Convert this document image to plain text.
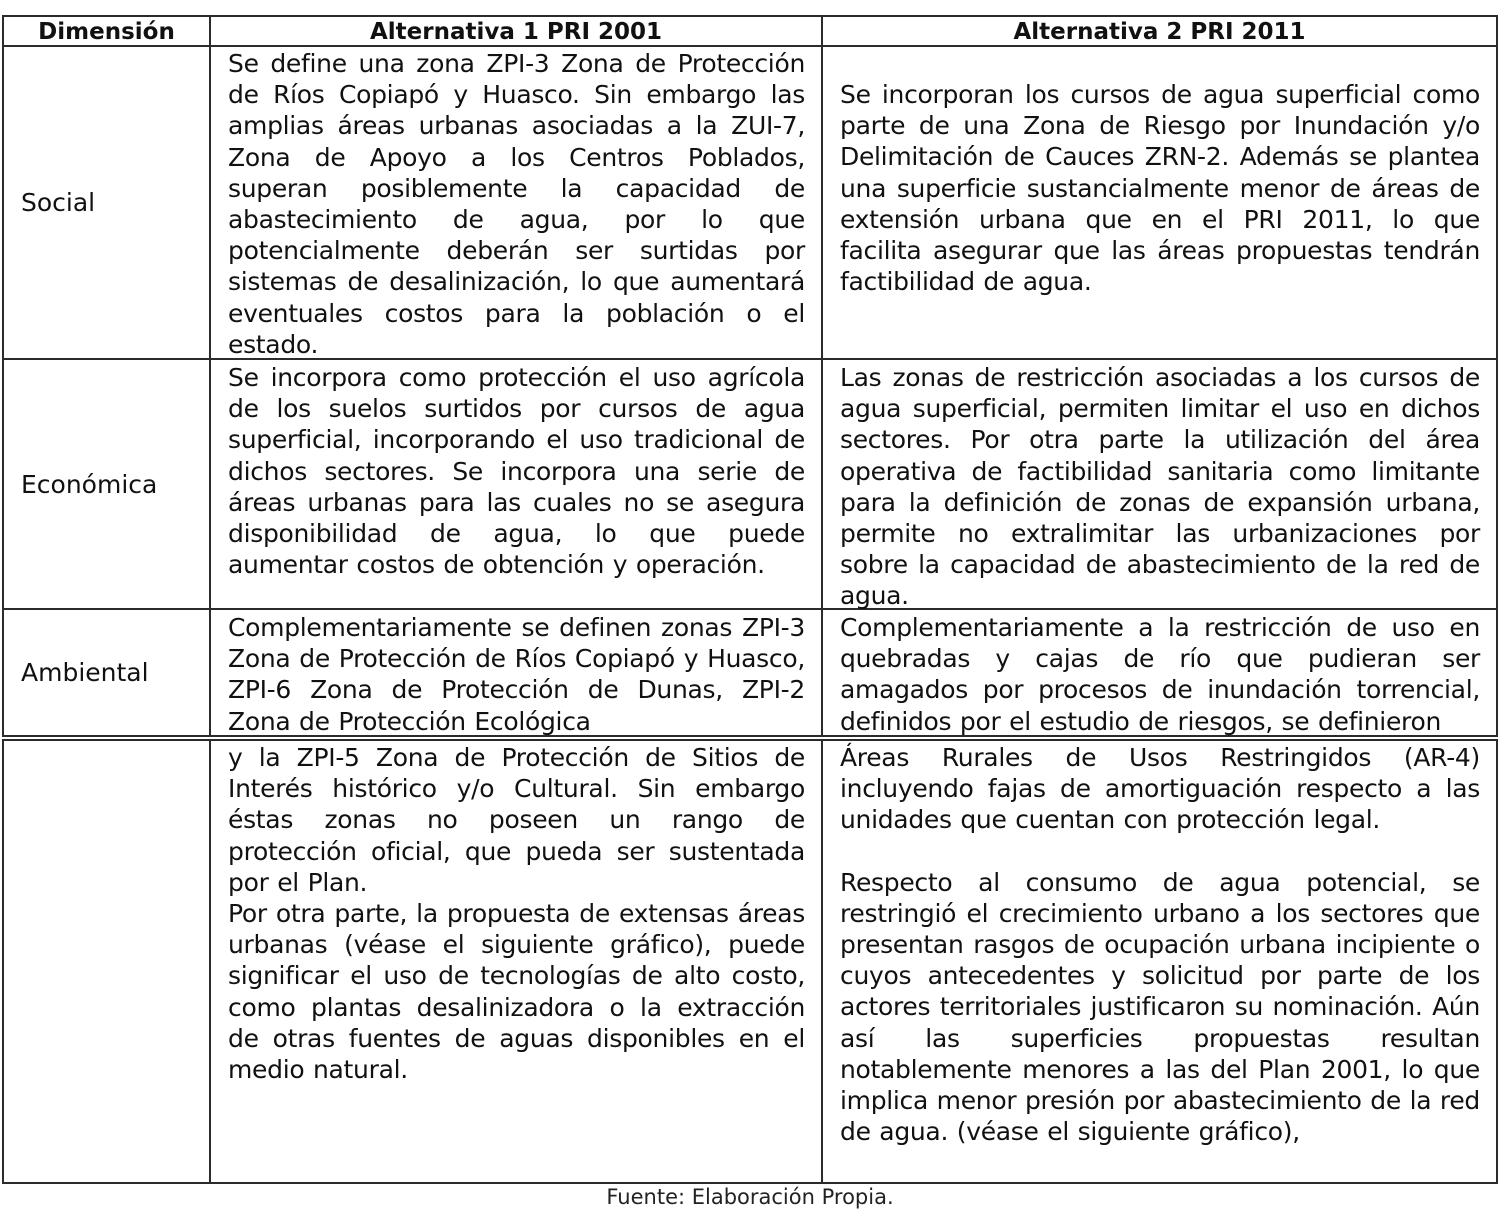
Dimensión	Alternativa 1 PRI 2001	Alternativa 2 PRI 2011
Social

Se define una zona ZPI-3 Zona de Protección de Ríos Copiapó y Huasco. Sin embargo las amplias áreas urbanas asociadas a la ZUI-7, Zona de Apoyo a los Centros Poblados, superan posiblemente la capacidad de abastecimiento de agua, por lo que potencialmente deberán ser surtidas por sistemas de desalinización, lo que aumentará eventuales costos para la población o el estado.

Se incorporan los cursos de agua superficial como parte de una Zona de Riesgo por Inundación y/o Delimitación de Cauces ZRN-2. Además se plantea una superficie sustancialmente menor de áreas de extensión urbana que en el PRI 2011, lo que facilita asegurar que las áreas propuestas tendrán factibilidad de agua.

Económica

Se incorpora como protección el uso agrícola de los suelos surtidos por cursos de agua superficial, incorporando el uso tradicional de dichos sectores. Se incorpora una serie de áreas urbanas para las cuales no se asegura disponibilidad de agua, lo que puede aumentar costos de obtención y operación.

Las zonas de restricción asociadas a los cursos de agua superficial, permiten limitar el uso en dichos sectores. Por otra parte la utilización del área operativa de factibilidad sanitaria como limitante para la definición de zonas de expansión urbana, permite no extralimitar las urbanizaciones por sobre la capacidad de abastecimiento de la red de agua.

Ambiental

Complementariamente se definen zonas ZPI-3 Zona de Protección de Ríos Copiapó y Huasco, ZPI-6 Zona de Protección de Dunas, ZPI-2 Zona de Protección Ecológica

Complementariamente a la restricción de uso en quebradas y cajas de río que pudieran ser amagados por procesos de inundación torrencial, definidos por el estudio de riesgos, se definieron

y la ZPI-5 Zona de Protección de Sitios de Interés histórico y/o Cultural. Sin embargo éstas zonas no poseen un rango de protección oficial, que pueda ser sustentada por el Plan.

Por otra parte, la propuesta de extensas áreas urbanas (véase el siguiente gráfico), puede significar el uso de tecnologías de alto costo, como plantas desalinizadora o la extracción de otras fuentes de aguas disponibles en el medio natural.

Áreas Rurales de Usos Restringidos (AR-4) incluyendo fajas de amortiguación respecto a las unidades que cuentan con protección legal.

Respecto al consumo de agua potencial, se restringió el crecimiento urbano a los sectores que presentan rasgos de ocupación urbana incipiente o cuyos antecedentes y solicitud por parte de los actores territoriales justificaron su nominación. Aún así las superficies propuestas resultan notablemente menores a las del Plan 2001, lo que implica menor presión por abastecimiento de la red de agua. (véase el siguiente gráfico),

Fuente: Elaboración Propia.
